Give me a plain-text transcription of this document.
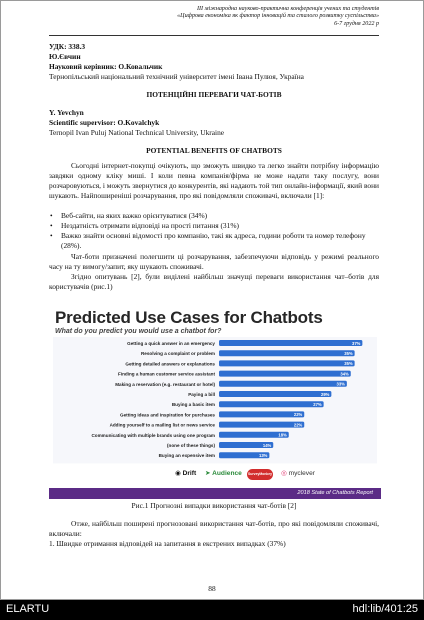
III міжнародна науково-практична конференція учених та студентів
«Цифрова економіка як фактор інновацій та сталого розвитку суспільства»
6-7 грудня 2022 р
УДК: 338.3
Ю.Євчин
Науковий керівник: О.Ковальчик
Тернопільський національний технічний університет імені Івана Пулюя, Україна
ПОТЕНЦІЙНІ ПЕРЕВАГИ ЧАТ-БОТІВ
Y. Yevchyn
Scientific supervisor: O.Kovalchyk
Ternopil Ivan Puluj National Technical University, Ukraine
POTENTIAL BENEFITS OF CHATBOTS
Сьогодні інтернет-покупці очікують, що зможуть швидко та легко знайти потрібну інформацію завдяки одному кліку миші. І коли певна компанія/фірма не може надати таку послугу, вони розчаровуються, і можуть звернутися до конкурентів, які надають той тип онлайн-інформації, який вони шукають. Найпоширеніші розчарування, про які повідомляли споживачі, включали [1]:
• Веб-сайти, на яких важко орієнтуватися (34%)
• Нездатність отримати відповіді на прості питання (31%)
• Важко знайти основні відомості про компанію, такі як адреса, години роботи та номер телефону (28%).
Чат-боти призначені полегшити ці розчарування, забезпечуючи відповідь у режимі реального часу на ту вимогу/запит, яку шукають споживачі.
Згідно опитувань [2], були виділені найбільш значущі переваги використання чат–ботів для користувачів (рис.1)
Predicted Use Cases for Chatbots
What do you predict you would use a chatbot for?
Getting a quick answer in an emergency	37%
Resolving a complaint or problem	35%
Getting detailed answers or explanations	35%
Finding a human customer service assistant	34%
Making a reservation (e.g. restaurant or hotel)	33%
Paying a bill	29%
Buying a basic item	27%
Getting ideas and inspiration for purchases	22%
Adding yourself to a mailing list or news service	22%
Communicating with multiple brands using one program	18%
(none of these things)	14%
Buying an expensive item	13%
◉ Drift ➤ Audience	SurveyMonkey ◎ myclever
2018 State of Chatbots Report
Рис.1 Прогнозні випадки використання чат-ботів [2]
Отже, найбільш поширені прогнозовані використання чат-ботів, про які повідомляли споживачі, включали:
1. Швидке отримання відповідей на запитання в екстрених випадках (37%)
88
ELARTU	hdl:lib/401:25
